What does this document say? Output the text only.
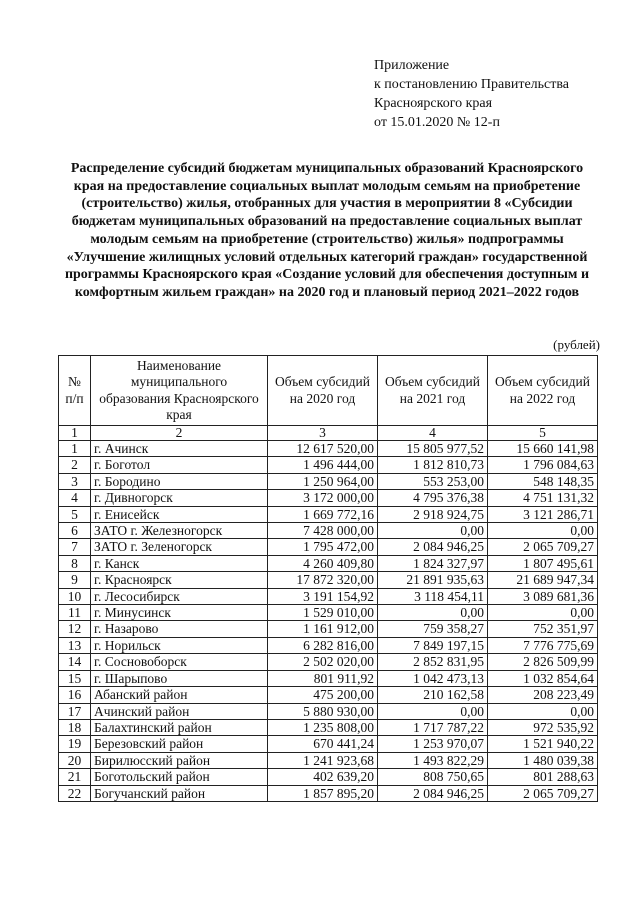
Приложение
к постановлению Правительства
Красноярского края
от 15.01.2020 № 12-п
Распределение субсидий бюджетам муниципальных образований Красноярского края на предоставление социальных выплат молодым семьям на приобретение (строительство) жилья, отобранных для участия в мероприятии 8 «Субсидии бюджетам муниципальных образований на предоставление социальных выплат молодым семьям на приобретение (строительство) жилья» подпрограммы «Улучшение жилищных условий отдельных категорий граждан» государственной программы Красноярского края «Создание условий для обеспечения доступным и комфортным жильем граждан» на 2020 год и плановый период 2021–2022 годов
(рублей)
№ п/п	Наименование муниципального образования Красноярского края	Объем субсидий на 2020 год	Объем субсидий на 2021 год	Объем субсидий на 2022 год
1	2	3	4	5
1	г. Ачинск	12 617 520,00	15 805 977,52	15 660 141,98
2	г. Боготол	1 496 444,00	1 812 810,73	1 796 084,63
3	г. Бородино	1 250 964,00	553 253,00	548 148,35
4	г. Дивногорск	3 172 000,00	4 795 376,38	4 751 131,32
5	г. Енисейск	1 669 772,16	2 918 924,75	3 121 286,71
6	ЗАТО г. Железногорск	7 428 000,00	0,00	0,00
7	ЗАТО г. Зеленогорск	1 795 472,00	2 084 946,25	2 065 709,27
8	г. Канск	4 260 409,80	1 824 327,97	1 807 495,61
9	г. Красноярск	17 872 320,00	21 891 935,63	21 689 947,34
10	г. Лесосибирск	3 191 154,92	3 118 454,11	3 089 681,36
11	г. Минусинск	1 529 010,00	0,00	0,00
12	г. Назарово	1 161 912,00	759 358,27	752 351,97
13	г. Норильск	6 282 816,00	7 849 197,15	7 776 775,69
14	г. Сосновоборск	2 502 020,00	2 852 831,95	2 826 509,99
15	г. Шарыпово	801 911,92	1 042 473,13	1 032 854,64
16	Абанский район	475 200,00	210 162,58	208 223,49
17	Ачинский район	5 880 930,00	0,00	0,00
18	Балахтинский район	1 235 808,00	1 717 787,22	972 535,92
19	Березовский район	670 441,24	1 253 970,07	1 521 940,22
20	Бирилюсский район	1 241 923,68	1 493 822,29	1 480 039,38
21	Боготольский район	402 639,20	808 750,65	801 288,63
22	Богучанский район	1 857 895,20	2 084 946,25	2 065 709,27
